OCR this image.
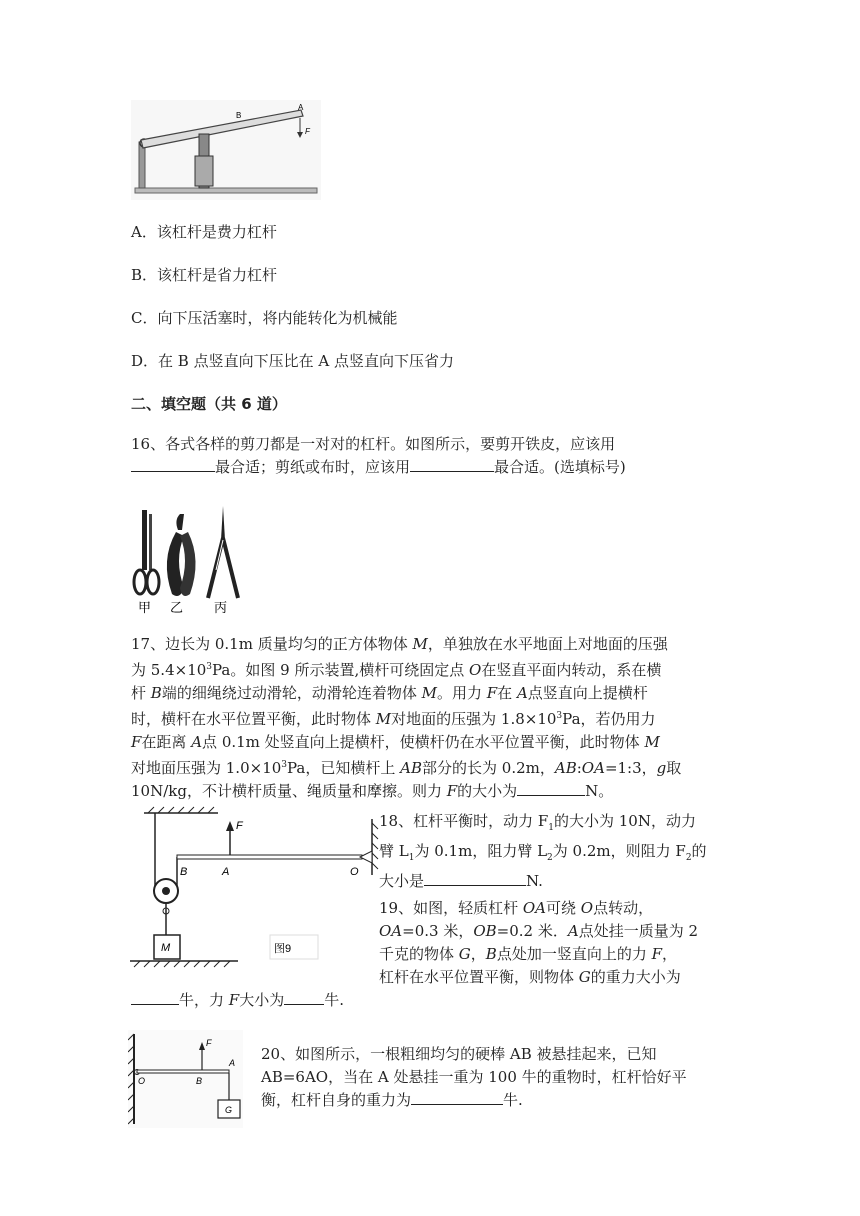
A
B
F
A．该杠杆是费力杠杆
B．该杠杆是省力杠杆
C．向下压活塞时，将内能转化为机械能
D．在 B 点竖直向下压比在 A 点竖直向下压省力
二、填空题（共 6 道）
16、各式各样的剪刀都是一对对的杠杆。如图所示，要剪开铁皮，应该用
最合适；剪纸或布时，应该用	最合适。(选填标号)
甲 乙 丙
17、边长为 0.1m 质量均匀的正方体物体 M，单独放在水平地面上对地面的压强
为 $5.4\times 10^3Pa$。如图 9 所示装置,横杆可绕固定点 O在竖直平面内转动，系在横
杆 B端的细绳绕过动滑轮，动滑轮连着物体 M。用力 F在 A点竖直向上提横杆
时，横杆在水平位置平衡，此时物体 M对地面的压强为 $1.8\times 10^3Pa$，若仍用力
F在距离 A点 0.1m 处竖直向上提横杆，使横杆仍在水平位置平衡，此时物体 M
对地面压强为 $1.0\times 10^3Pa$，已知横杆上 AB部分的长为 0.2m，AB:OA=1:3，g取
10N/kg，不计横杆质量、绳质量和摩擦。则力 F的大小为	N。
F
B	A	O
M	图9
18、杠杆平衡时，动力 $F_1$的大小为 10N，动力
臂 $L_1$为 0.1m，阻力臂 $L_2$为 0.2m，则阻力 $F_2$的
大小是	N.
19、如图，轻质杠杆 OA可绕 O点转动，
OA=0.3 米，OB=0.2 米．A点处挂一质量为 2
千克的物体 G，B点处加一竖直向上的力 F，
杠杆在水平位置平衡，则物体 G的重力大小为
牛，力 F大小为	牛.
F
O	B
A
G
20、如图所示，一根粗细均匀的硬棒 AB 被悬挂起来，已知
AB=6AO，当在 A 处悬挂一重为 100 牛的重物时，杠杆恰好平
衡，杠杆自身的重力为	牛.
